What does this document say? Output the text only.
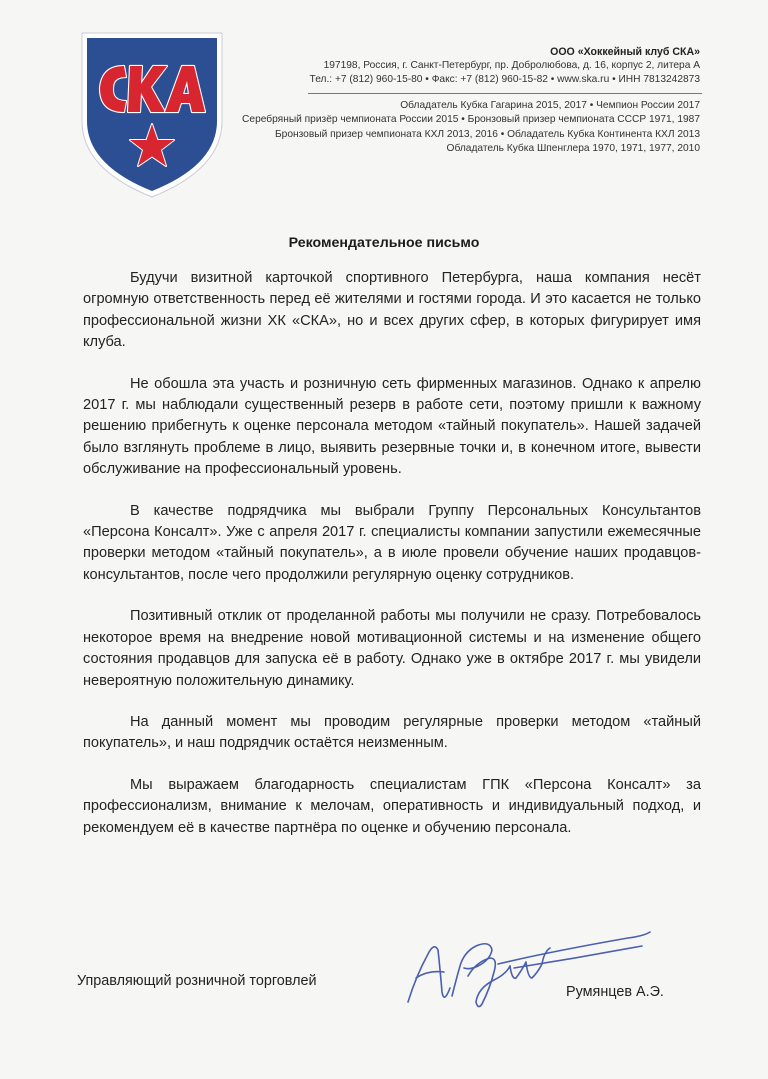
ООО «Хоккейный клуб СКА»
197198, Россия, г. Санкт-Петербург, пр. Добролюбова, д. 16, корпус 2, литера А
Тел.: +7 (812) 960-15-80 • Факс: +7 (812) 960-15-82 • www.ska.ru • ИНН 7813242873
Обладатель Кубка Гагарина 2015, 2017 • Чемпион России 2017
Серебряный призёр чемпионата России 2015 • Бронзовый призер чемпионата СССР 1971, 1987
Бронзовый призер чемпионата КХЛ 2013, 2016 • Обладатель Кубка Континента КХЛ 2013
Обладатель Кубка Шпенглера 1970, 1971, 1977, 2010
Рекомендательное письмо

Будучи визитной карточкой спортивного Петербурга, наша компания несёт огромную ответственность перед её жителями и гостями города. И это касается не только профессиональной жизни ХК «СКА», но и всех других сфер, в которых фигурирует имя клуба.

Не обошла эта участь и розничную сеть фирменных магазинов. Однако к апрелю 2017 г. мы наблюдали существенный резерв в работе сети, поэтому пришли к важному решению прибегнуть к оценке персонала методом «тайный покупатель». Нашей задачей было взглянуть проблеме в лицо, выявить резервные точки и, в конечном итоге, вывести обслуживание на профессиональный уровень.

В качестве подрядчика мы выбрали Группу Персональных Консультантов «Персона Консалт». Уже с апреля 2017 г. специалисты компании запустили ежемесячные проверки методом «тайный покупатель», а в июле провели обучение наших продавцов-консультантов, после чего продолжили регулярную оценку сотрудников.

Позитивный отклик от проделанной работы мы получили не сразу. Потребовалось некоторое время на внедрение новой мотивационной системы и на изменение общего состояния продавцов для запуска её в работу. Однако уже в октябре 2017 г. мы увидели невероятную положительную динамику.

На данный момент мы проводим регулярные проверки методом «тайный покупатель», и наш подрядчик остаётся неизменным.

Мы выражаем благодарность специалистам ГПК «Персона Консалт» за профессионализм, внимание к мелочам, оперативность и индивидуальный подход, и рекомендуем её в качестве партнёра по оценке и обучению персонала.

Управляющий розничной торговлей
Румянцев А.Э.
